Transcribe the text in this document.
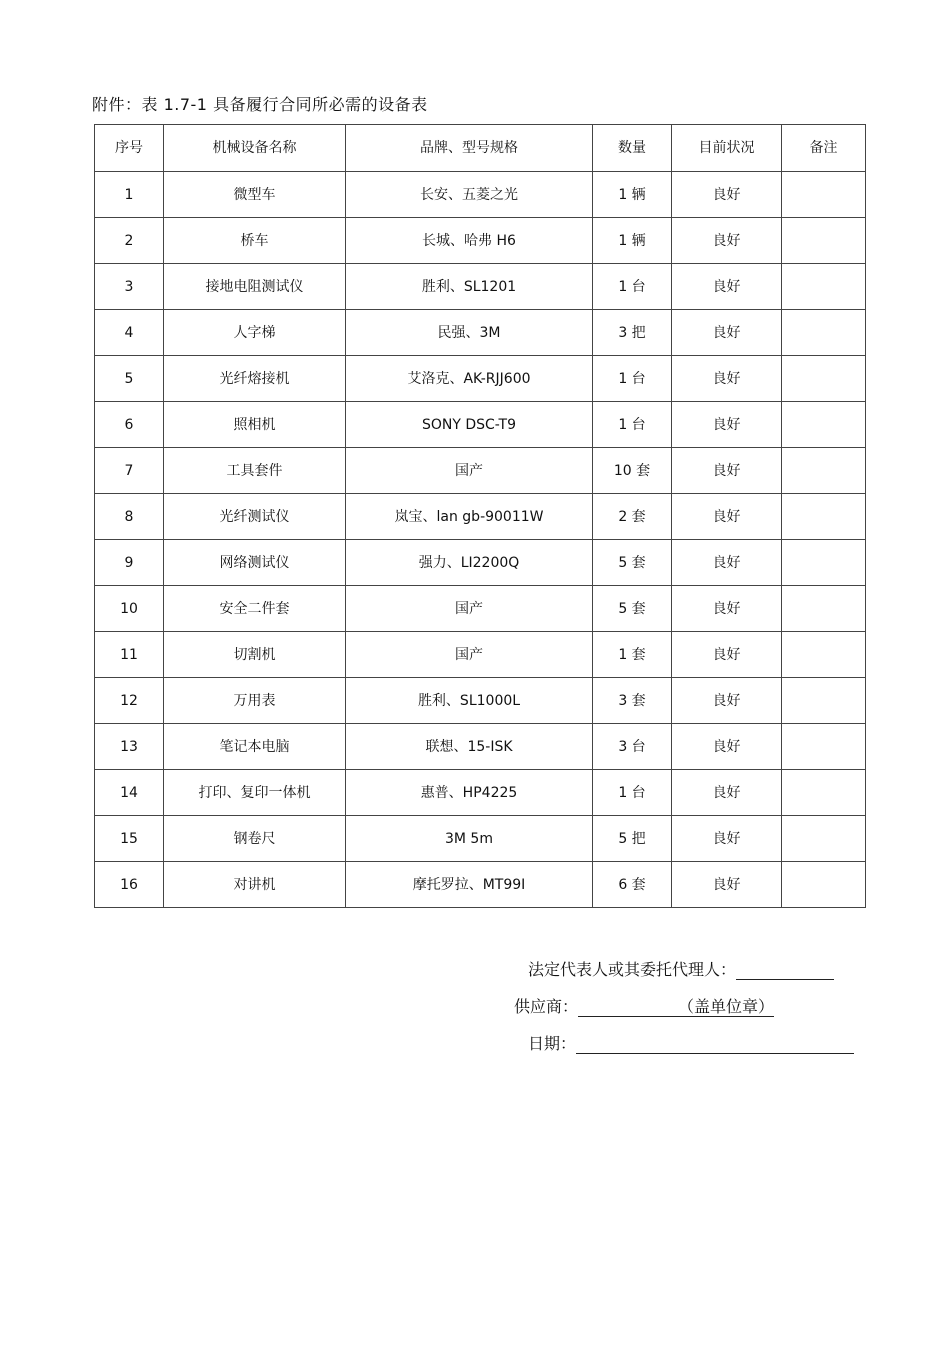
附件：表 1.7-1 具备履行合同所必需的设备表
序号	机械设备名称	品牌、型号规格	数量	目前状况	备注
1	微型车	长安、五菱之光	1 辆	良好	
2	桥车	长城、哈弗 H6	1 辆	良好	
3	接地电阻测试仪	胜利、SL1201	1 台	良好	
4	人字梯	民强、3M	3 把	良好	
5	光纤熔接机	艾洛克、AK-RJJ600	1 台	良好	
6	照相机	SONY DSC-T9	1 台	良好	
7	工具套件	国产	10 套	良好	
8	光纤测试仪	岚宝、lan gb-90011W	2 套	良好	
9	网络测试仪	强力、LI2200Q	5 套	良好	
10	安全二件套	国产	5 套	良好	
11	切割机	国产	1 套	良好	
12	万用表	胜利、SL1000L	3 套	良好	
13	笔记本电脑	联想、15-ISK	3 台	良好	
14	打印、复印一体机	惠普、HP4225	1 台	良好	
15	钢卷尺	3M 5m	5 把	良好	
16	对讲机	摩托罗拉、MT99I	6 套	良好	
法定代表人或其委托代理人：
供应商：	（盖单位章）
日期：
